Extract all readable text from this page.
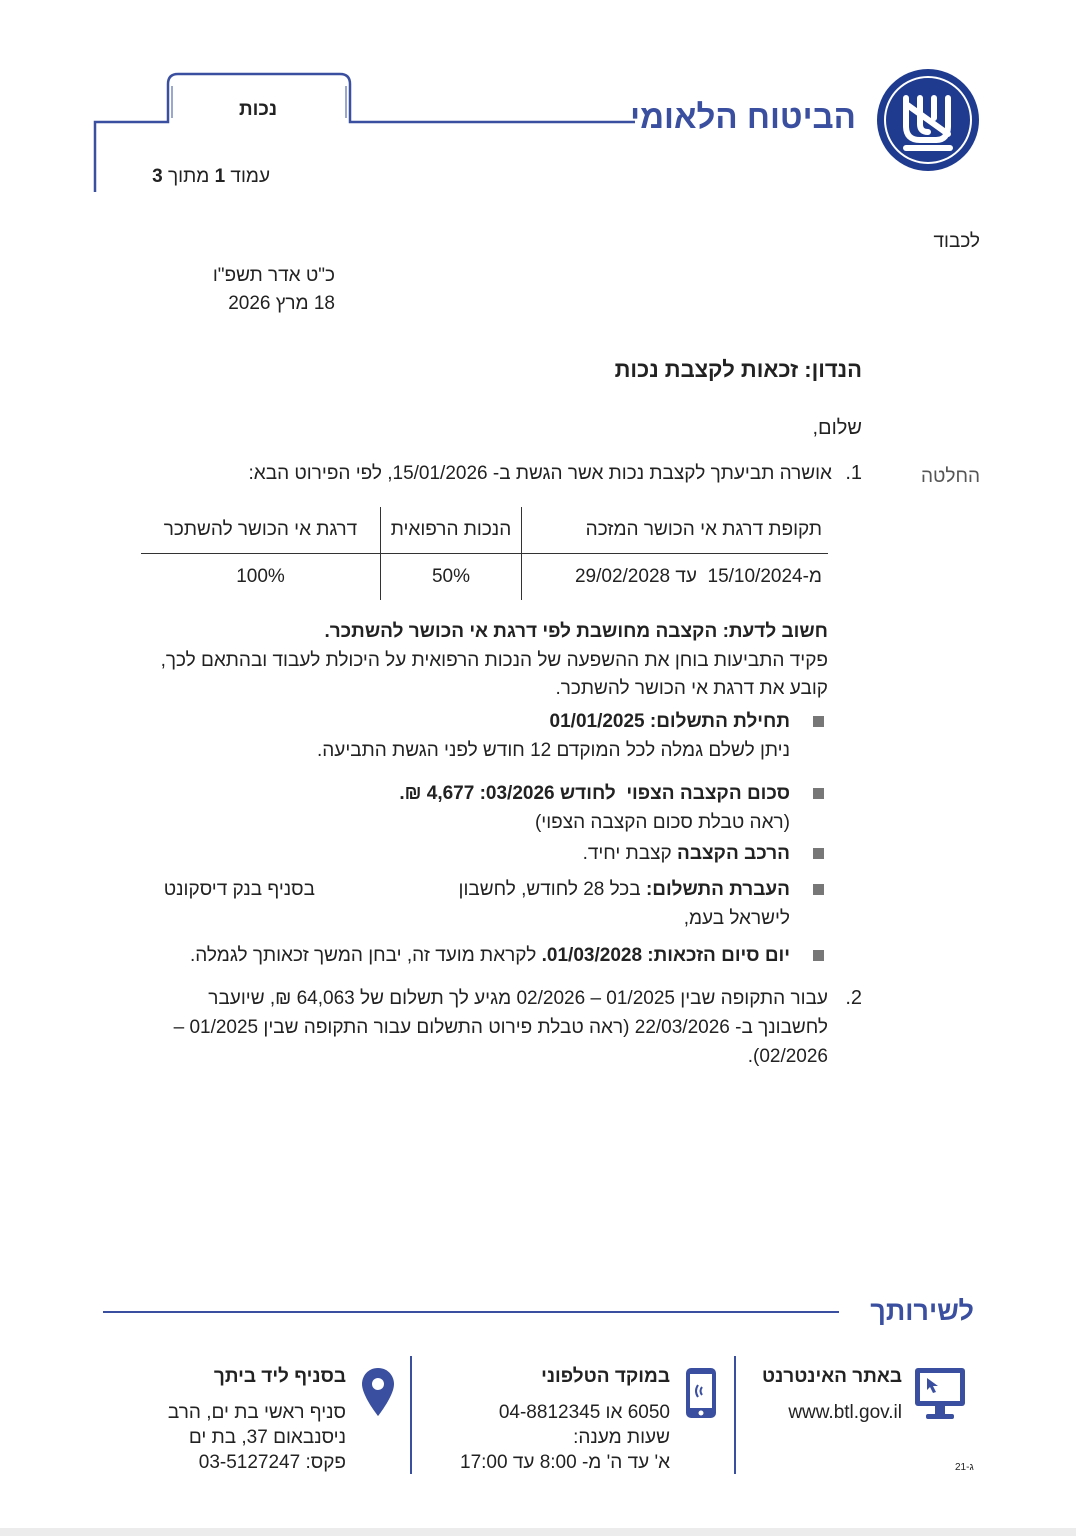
הביטוח הלאומי
נכות
עמוד 1 מתוך 3
לכבוד
כ"ט אדר תשפ"ו
18 מרץ 2026
הנדון: זכאות לקצבת נכות
שלום,
החלטה
1.
אושרה תביעתך לקצבת נכות אשר הגשת ב- 15/01/2026, לפי הפירוט הבא:
תקופת דרגת אי הכושר המזכה	הנכות הרפואית	דרגת אי הכושר להשתכר
מ-15/10/2024  עד 29/02/2028	50%	100%
חשוב לדעת: הקצבה מחושבת לפי דרגת אי הכושר להשתכר.
פקיד התביעות בוחן את ההשפעה של הנכות הרפואית על היכולת לעבוד ובהתאם לכך,
קובע את דרגת אי הכושר להשתכר.
תחילת התשלום: 01/01/2025
ניתן לשלם גמלה לכל המוקדם 12 חודש לפני הגשת התביעה.
סכום הקצבה הצפוי  לחודש 03/2026: 4,677 ₪.
(ראה טבלת סכום הקצבה הצפוי)
הרכב הקצבה קצבת יחיד.
העברת התשלום: בכל 28 לחודש, לחשבון
בסניף בנק דיסקונט
לישראל בעמ,
יום סיום הזכאות: 01/03/2028. לקראת מועד זה, יבחן המשך זכאותך לגמלה.
2.
עבור התקופה שבין 01/2025 – 02/2026 מגיע לך תשלום של 64,063 ₪, שיועבר
לחשבונך ב- 22/03/2026 (ראה טבלת פירוט התשלום עבור התקופה שבין 01/2025 –
02/2026).
לשירותך
באתר האינטרנט
www.btl.gov.il
במוקד הטלפוני
6050 או 04-8812345
שעות מענה:
א' עד ה' מ- 8:00 עד 17:00
בסניף ליד ביתך
סניף ראשי בת ים, הרב
ניסנבאום 37, בת ים
פקס: 03-5127247	ג-21
